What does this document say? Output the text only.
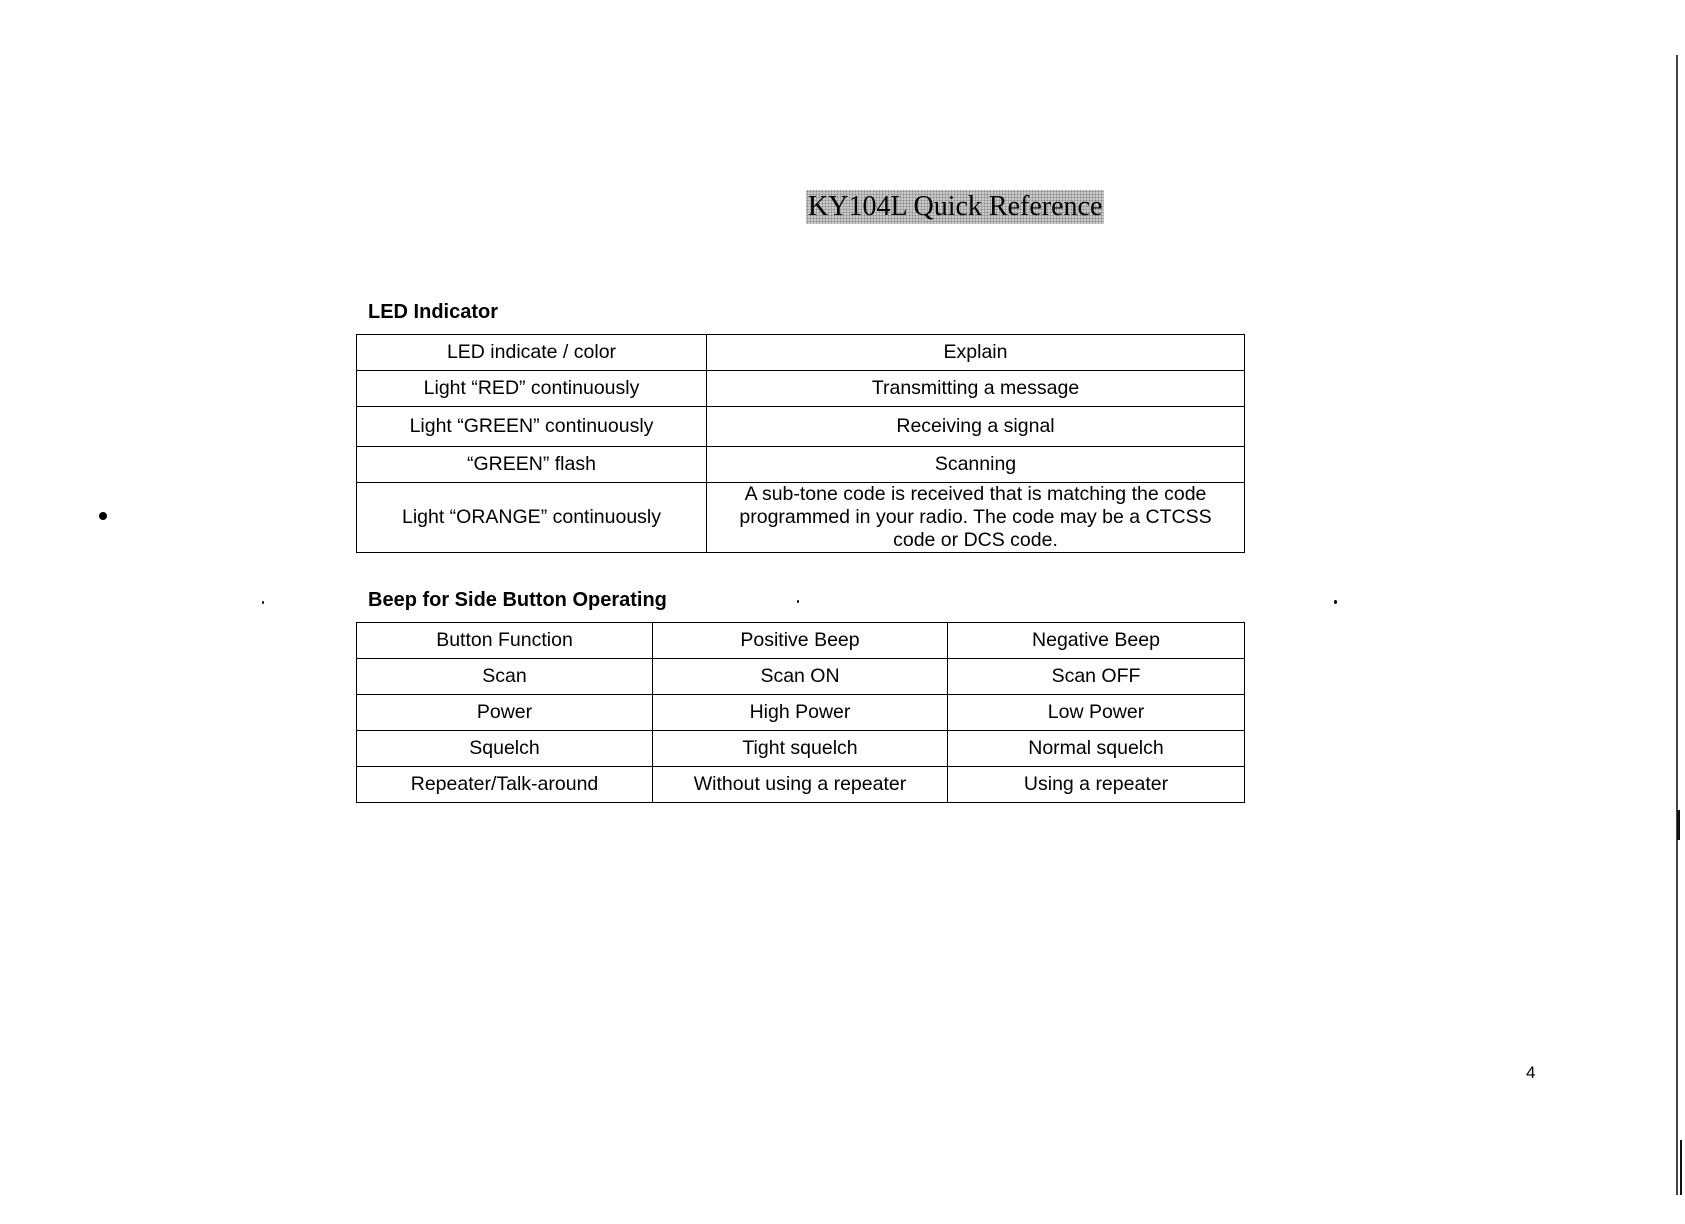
KY104L Quick Reference
LED Indicator
LED indicate / color	Explain
Light “RED” continuously	Transmitting a message
Light “GREEN” continuously	Receiving a signal
“GREEN” flash	Scanning
Light “ORANGE” continuously	A sub-tone code is received that is matching the code programmed in your radio. The code may be a CTCSS code or DCS code.
Beep for Side Button Operating
Button Function	Positive Beep	Negative Beep
Scan	Scan ON	Scan OFF
Power	High Power	Low Power
Squelch	Tight squelch	Normal squelch
Repeater/Talk-around	Without using a repeater	Using a repeater
4
